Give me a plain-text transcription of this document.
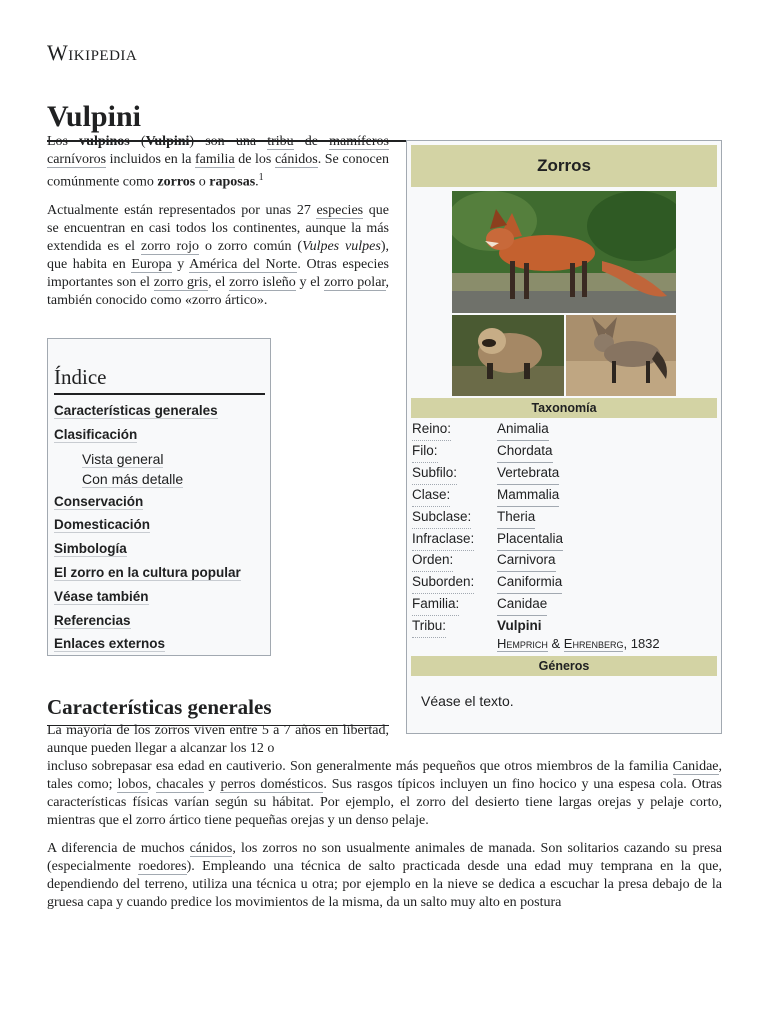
Wikipedia
Vulpini
Los vulpinos (Vulpini) son una tribu de mamíferos carnívoros incluidos en la familia de los cánidos. Se conocen comúnmente como zorros o raposas.$^1$
Actualmente están representados por unas 27 especies que se encuentran en casi todos los continentes, aunque la más extendida es el zorro rojo o zorro común (Vulpes vulpes), que habita en Europa y América del Norte. Otras especies importantes son el zorro gris, el zorro isleño y el zorro polar, también conocido como «zorro ártico».
Índice
Características generales
Clasificación
Vista general
Con más detalle
Conservación
Domesticación
Simbología
El zorro en la cultura popular
Véase también
Referencias
Enlaces externos
Características generales
La mayoría de los zorros viven entre 5 a 7 años en libertad, aunque pueden llegar a alcanzar los 12 o
incluso sobrepasar esa edad en cautiverio. Son generalmente más pequeños que otros miembros de la familia Canidae, tales como; lobos, chacales y perros domésticos. Sus rasgos típicos incluyen un fino hocico y una espesa cola. Otras características físicas varían según su hábitat. Por ejemplo, el zorro del desierto tiene largas orejas y pelaje corto, mientras que el zorro ártico tiene pequeñas orejas y un denso pelaje.
A diferencia de muchos cánidos, los zorros no son usualmente animales de manada. Son solitarios cazando su presa (especialmente roedores). Empleando una técnica de salto practicada desde una edad muy temprana en la que, dependiendo del terreno, utiliza una técnica u otra; por ejemplo en la nieve se dedica a escuchar la presa debajo de la gruesa capa y cuando predice los movimientos de la misma, da un salto muy alto en postura
Zorros
Taxonomía
Reino:	Animalia
Filo:	Chordata
Subfilo:	Vertebrata
Clase:	Mammalia
Subclase: Theria
Infraclase: Placentalia
Orden:	Carnivora
Suborden: Caniformia
Familia:	Canidae
Tribu:	Vulpini
Hemprich & Ehrenberg, 1832
Géneros
Véase el texto.
